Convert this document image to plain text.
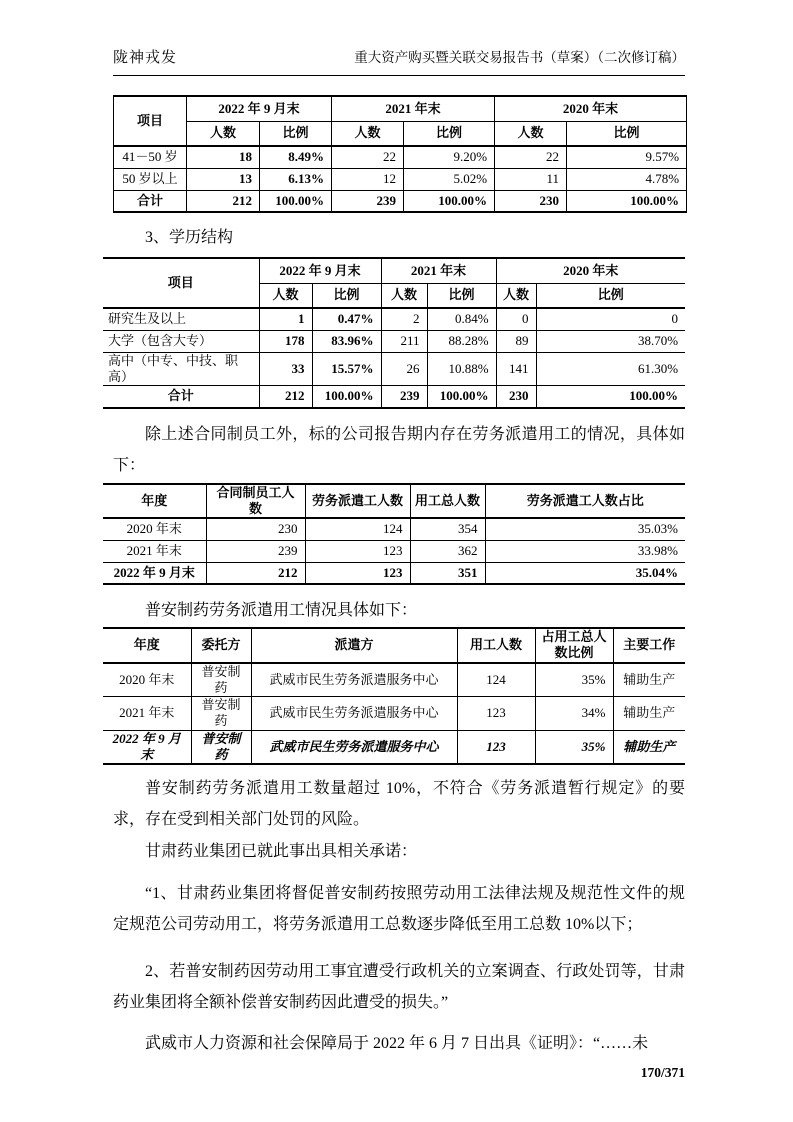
陇神戎发	重大资产购买暨关联交易报告书（草案）（二次修订稿）
项目	2022 年 9 月末		2021 年末		2020 年末	
	人数	比例	人数	比例	人数	比例
41－50 岁	18	8.49%	22	9.20%	22	9.57%
50 岁以上	13	6.13%	12	5.02%	11	4.78%
合计	212	100.00%	239	100.00%	230	100.00%
3、学历结构
项目	2022 年 9 月末		2021 年末		2020 年末	
	人数	比例	人数	比例	人数	比例
研究生及以上	1	0.47%	2	0.84%	0	0
大学（包含大专）	178	83.96%	211	88.28%	89	38.70%
高中（中专、中技、职高）	33	15.57%	26	10.88%	141	61.30%
合计	212	100.00%	239	100.00%	230	100.00%

除上述合同制员工外，标的公司报告期内存在劳务派遣用工的情况，具体如下：

年度	合同制员工人数	劳务派遣工人数	用工总人数	劳务派遣工人数占比
2020 年末	230	124	354	35.03%
2021 年末	239	123	362	33.98%
2022 年 9 月末	212	123	351	35.04%

普安制药劳务派遣用工情况具体如下：

年度	委托方	派遣方	用工人数	占用工总人数比例	主要工作
2020 年末	普安制药	武威市民生劳务派遣服务中心	124	35%	辅助生产
2021 年末	普安制药	武威市民生劳务派遣服务中心	123	34%	辅助生产
2022 年 9 月末	普安制药	武威市民生劳务派遣服务中心	123	35%	辅助生产

普安制药劳务派遣用工数量超过 10%，不符合《劳务派遣暂行规定》的要求，存在受到相关部门处罚的风险。

甘肃药业集团已就此事出具相关承诺：

“1、甘肃药业集团将督促普安制药按照劳动用工法律法规及规范性文件的规定规范公司劳动用工，将劳务派遣用工总数逐步降低至用工总数 10%以下；

2、若普安制药因劳动用工事宜遭受行政机关的立案调查、行政处罚等，甘肃药业集团将全额补偿普安制药因此遭受的损失。”

武威市人力资源和社会保障局于 2022 年 6 月 7 日出具《证明》：“……未

170/371
